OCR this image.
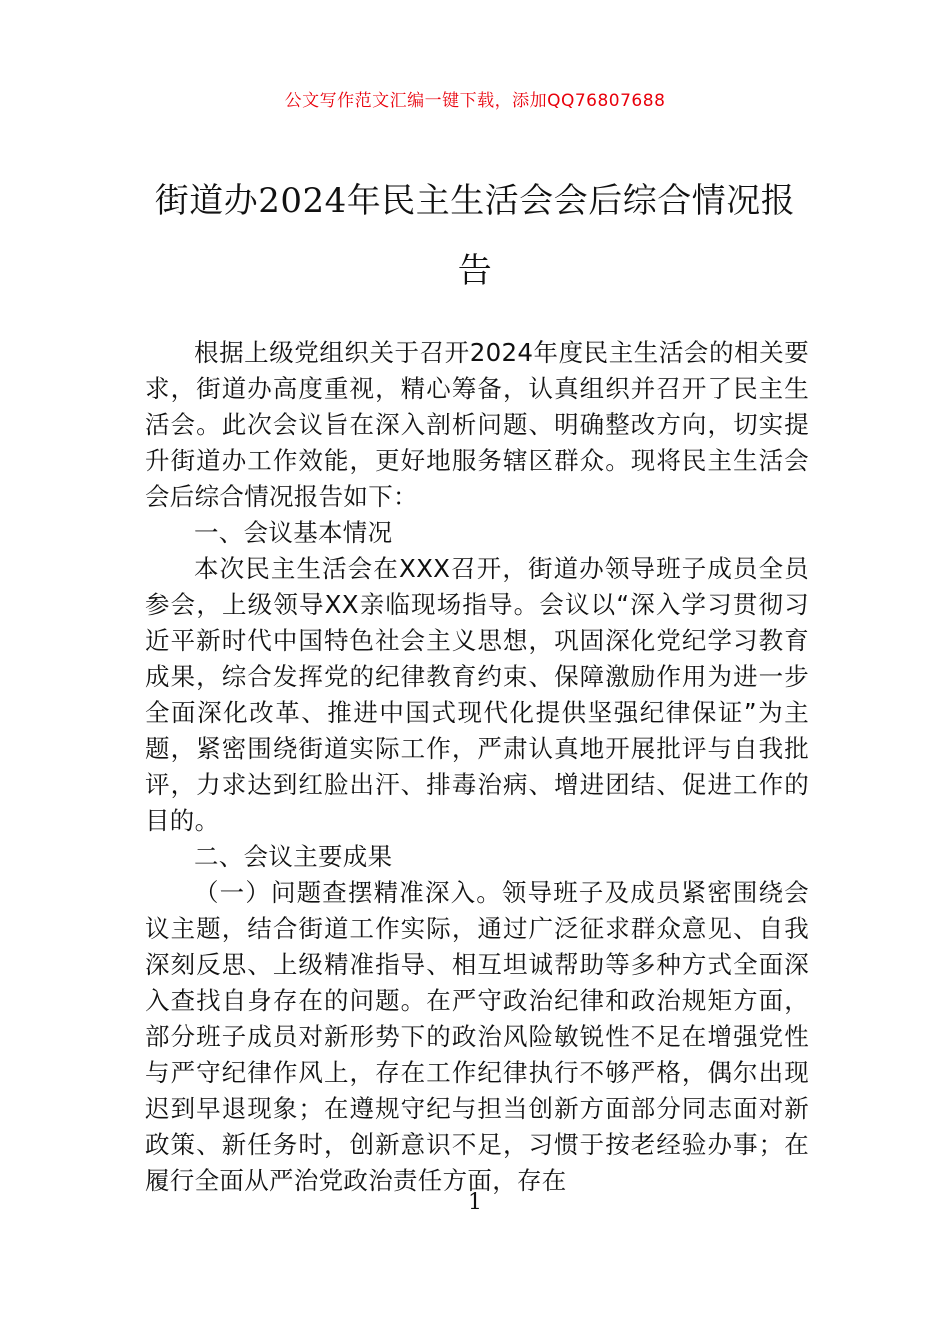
公文写作范文汇编一键下载，添加QQ76807688
街道办2024年民主生活会会后综合情况报告

根据上级党组织关于召开2024年度民主生活会的相关要求，街道办高度重视，精心筹备，认真组织并召开了民主生活会。此次会议旨在深入剖析问题、明确整改方向，切实提升街道办工作效能，更好地服务辖区群众。现将民主生活会会后综合情况报告如下：

一、会议基本情况

本次民主生活会在XXX召开，街道办领导班子成员全员参会，上级领导XX亲临现场指导。会议以“深入学习贯彻习近平新时代中国特色社会主义思想，巩固深化党纪学习教育成果，综合发挥党的纪律教育约束、保障激励作用为进一步全面深化改革、推进中国式现代化提供坚强纪律保证”为主题，紧密围绕街道实际工作，严肃认真地开展批评与自我批评，力求达到红脸出汗、排毒治病、增进团结、促进工作的目的。

二、会议主要成果

（一）问题查摆精准深入。领导班子及成员紧密围绕会议主题，结合街道工作实际，通过广泛征求群众意见、自我深刻反思、上级精准指导、相互坦诚帮助等多种方式全面深入查找自身存在的问题。在严守政治纪律和政治规矩方面，部分班子成员对新形势下的政治风险敏锐性不足在增强党性与严守纪律作风上，存在工作纪律执行不够严格，偶尔出现迟到早退现象；在遵规守纪与担当创新方面部分同志面对新政策、新任务时，创新意识不足，习惯于按老经验办事；在履行全面从严治党政治责任方面，存在

1
